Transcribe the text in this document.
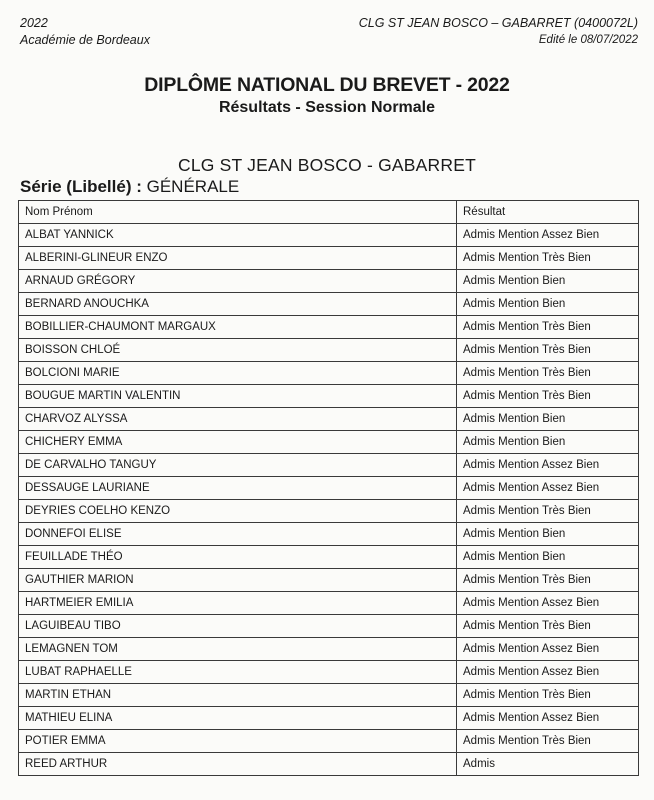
2022
Académie de Bordeaux
CLG ST JEAN BOSCO – GABARRET (0400072L)
Edité le 08/07/2022
DIPLÔME NATIONAL DU BREVET - 2022
Résultats - Session Normale
CLG ST JEAN BOSCO - GABARRET
Série (Libellé) : GÉNÉRALE
Nom Prénom	Résultat
ALBAT YANNICK	Admis Mention Assez Bien
ALBERINI-GLINEUR ENZO	Admis Mention Très Bien
ARNAUD GRÉGORY	Admis Mention Bien
BERNARD ANOUCHKA	Admis Mention Bien
BOBILLIER-CHAUMONT MARGAUX	Admis Mention Très Bien
BOISSON CHLOÉ	Admis Mention Très Bien
BOLCIONI MARIE	Admis Mention Très Bien
BOUGUE MARTIN VALENTIN	Admis Mention Très Bien
CHARVOZ ALYSSA	Admis Mention Bien
CHICHERY EMMA	Admis Mention Bien
DE CARVALHO TANGUY	Admis Mention Assez Bien
DESSAUGE LAURIANE	Admis Mention Assez Bien
DEYRIES COELHO KENZO	Admis Mention Très Bien
DONNEFOI ELISE	Admis Mention Bien
FEUILLADE THÉO	Admis Mention Bien
GAUTHIER MARION	Admis Mention Très Bien
HARTMEIER EMILIA	Admis Mention Assez Bien
LAGUIBEAU TIBO	Admis Mention Très Bien
LEMAGNEN TOM	Admis Mention Assez Bien
LUBAT RAPHAELLE	Admis Mention Assez Bien
MARTIN ETHAN	Admis Mention Très Bien
MATHIEU ELINA	Admis Mention Assez Bien
POTIER EMMA	Admis Mention Très Bien
REED ARTHUR	Admis
